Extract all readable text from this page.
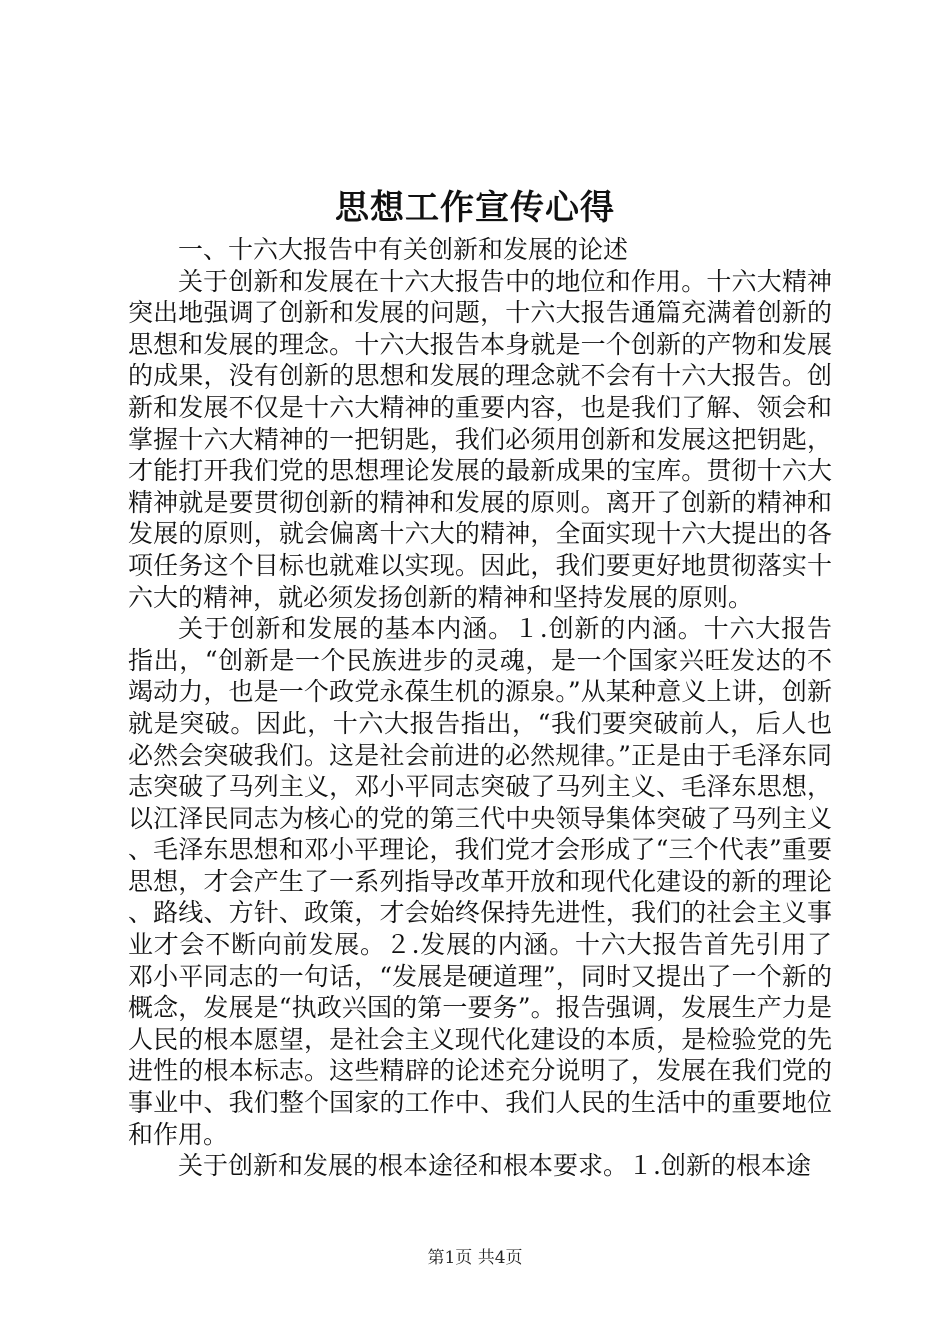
思想工作宣传心得
一、十六大报告中有关创新和发展的论述

关于创新和发展在十六大报告中的地位和作用。十六大精神突出地强调了创新和发展的问题，十六大报告通篇充满着创新的思想和发展的理念。十六大报告本身就是一个创新的产物和发展的成果，没有创新的思想和发展的理念就不会有十六大报告。创新和发展不仅是十六大精神的重要内容，也是我们了解、领会和掌握十六大精神的一把钥匙，我们必须用创新和发展这把钥匙，才能打开我们党的思想理论发展的最新成果的宝库。贯彻十六大精神就是要贯彻创新的精神和发展的原则。离开了创新的精神和发展的原则，就会偏离十六大的精神，全面实现十六大提出的各项任务这个目标也就难以实现。因此，我们要更好地贯彻落实十六大的精神，就必须发扬创新的精神和坚持发展的原则。

关于创新和发展的基本内涵。１.创新的内涵。十六大报告指出，“创新是一个民族进步的灵魂，是一个国家兴旺发达的不竭动力，也是一个政党永葆生机的源泉。”从某种意义上讲，创新就是突破。因此，十六大报告指出，“我们要突破前人，后人也必然会突破我们。这是社会前进的必然规律。”正是由于毛泽东同志突破了马列主义，邓小平同志突破了马列主义、毛泽东思想，以江泽民同志为核心的党的第三代中央领导集体突破了马列主义、毛泽东思想和邓小平理论，我们党才会形成了“三个代表”重要思想，才会产生了一系列指导改革开放和现代化建设的新的理论、路线、方针、政策，才会始终保持先进性，我们的社会主义事业才会不断向前发展。２.发展的内涵。十六大报告首先引用了邓小平同志的一句话，“发展是硬道理”，同时又提出了一个新的概念，发展是“执政兴国的第一要务”。报告强调，发展生产力是人民的根本愿望，是社会主义现代化建设的本质，是检验党的先进性的根本标志。这些精辟的论述充分说明了，发展在我们党的事业中、我们整个国家的工作中、我们人民的生活中的重要地位和作用。

关于创新和发展的根本途径和根本要求。１.创新的根本途

第1页 共4页
